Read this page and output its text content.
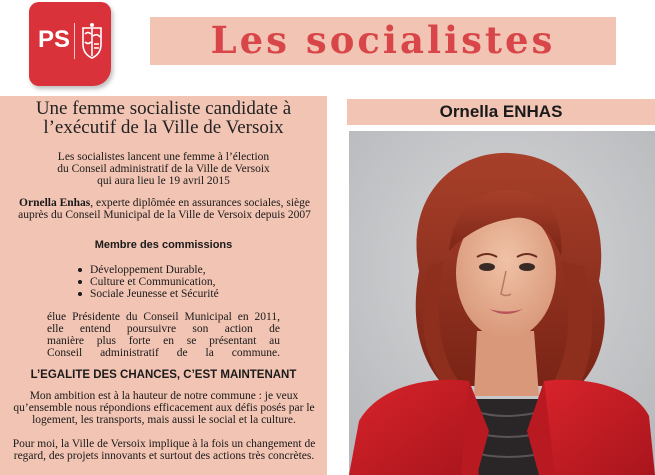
PS	Les socialistes
Une femme socialiste candidate à
l’exécutif de la Ville de Versoix
Les socialistes lancent une femme à l’élection
du Conseil administratif de la Ville de Versoix
qui aura lieu le 19 avril 2015
Ornella Enhas, experte diplômée en assurances sociales, siège auprès du Conseil Municipal de la Ville de Versoix depuis 2007
Membre des commissions
Développement Durable,
Culture et Communication,
Sociale Jeunesse et Sécurité
élue Présidente du Conseil Municipal en 2011,
elle entend poursuivre son action de
manière plus forte en se présentant au
Conseil administratif de la commune.
L’EGALITE DES CHANCES, C’EST MAINTENANT
Mon ambition est à la hauteur de notre commune : je veux qu’ensemble nous répondions efficacement aux défis posés par le logement, les transports, mais aussi le social et la culture.
Pour moi, la Ville de Versoix implique à la fois un changement de regard, des projets innovants et surtout des actions très concrètes.
Ornella ENHAS
